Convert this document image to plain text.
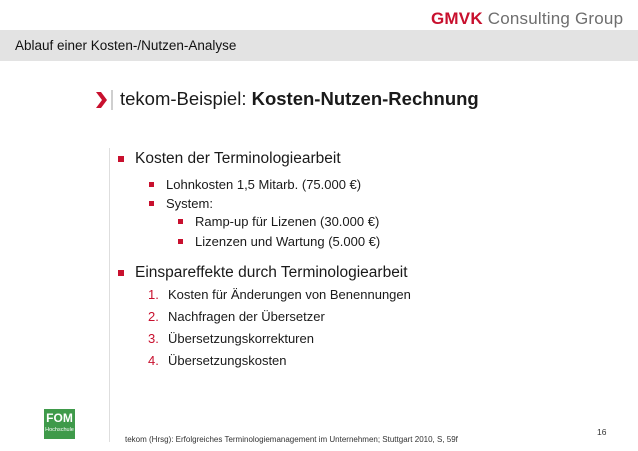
GMVK Consulting Group
Ablauf einer Kosten-/Nutzen-Analyse
tekom-Beispiel: Kosten-Nutzen-Rechnung
Kosten der Terminologiearbeit
Lohnkosten 1,5 Mitarb. (75.000 €)
System:
Ramp-up für Lizenen (30.000 €)
Lizenzen und Wartung (5.000 €)
Einspareffekte durch Terminologiearbeit
1. Kosten für Änderungen von Benennungen
2. Nachfragen der Übersetzer
3. Übersetzungskorrekturen
4. Übersetzungskosten
FOM
Hochschule
tekom (Hrsg): Erfolgreiches Terminologiemanagement im Unternehmen; Stuttgart 2010, S, 59f
16
